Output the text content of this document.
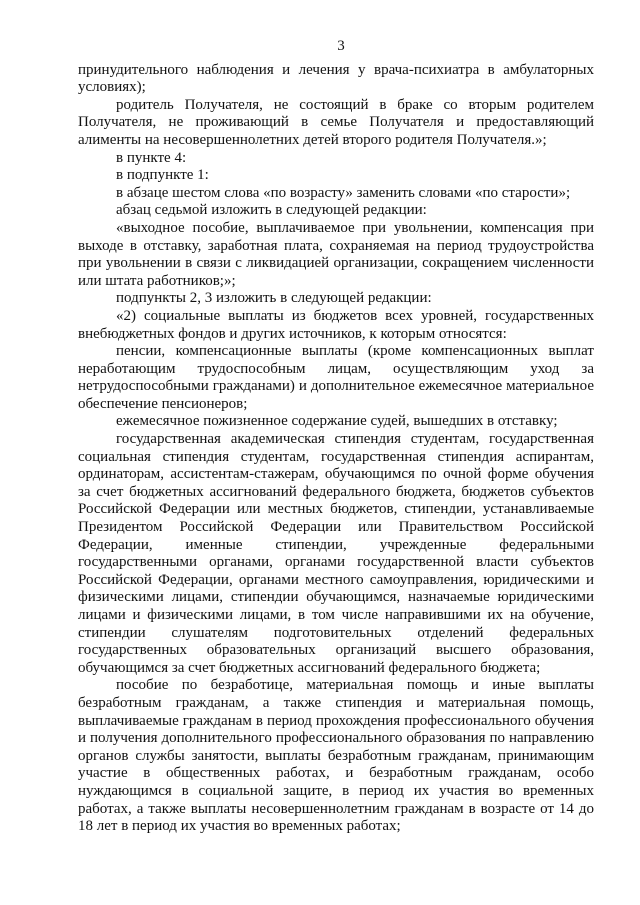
3

принудительного наблюдения и лечения у врача-психиатра в амбулаторных условиях);

родитель Получателя, не состоящий в браке со вторым родителем Получателя, не проживающий в семье Получателя и предоставляющий алименты на несовершеннолетних детей второго родителя Получателя.»;

в пункте 4:

в подпункте 1:

в абзаце шестом слова «по возрасту» заменить словами «по старости»;

абзац седьмой изложить в следующей редакции:

«выходное пособие, выплачиваемое при увольнении, компенсация при выходе в отставку, заработная плата, сохраняемая на период трудоустройства при увольнении в связи с ликвидацией организации, сокращением численности или штата работников;»;

подпункты 2, 3 изложить в следующей редакции:

«2) социальные выплаты из бюджетов всех уровней, государственных внебюджетных фондов и других источников, к которым относятся:

пенсии, компенсационные выплаты (кроме компенсационных выплат неработающим трудоспособным лицам, осуществляющим уход за нетрудоспособными гражданами) и дополнительное ежемесячное материальное обеспечение пенсионеров;

ежемесячное пожизненное содержание судей, вышедших в отставку;

государственная академическая стипендия студентам, государственная социальная стипендия студентам, государственная стипендия аспирантам, ординаторам, ассистентам-стажерам, обучающимся по очной форме обучения за счет бюджетных ассигнований федерального бюджета, бюджетов субъектов Российской Федерации или местных бюджетов, стипендии, устанавливаемые Президентом Российской Федерации или Правительством Российской Федерации, именные стипендии, учрежденные федеральными государственными органами, органами государственной власти субъектов Российской Федерации, органами местного самоуправления, юридическими и физическими лицами, стипендии обучающимся, назначаемые юридическими лицами и физическими лицами, в том числе направившими их на обучение, стипендии слушателям подготовительных отделений федеральных государственных образовательных организаций высшего образования, обучающимся за счет бюджетных ассигнований федерального бюджета;

пособие по безработице, материальная помощь и иные выплаты безработным гражданам, а также стипендия и материальная помощь, выплачиваемые гражданам в период прохождения профессионального обучения и получения дополнительного профессионального образования по направлению органов службы занятости, выплаты безработным гражданам, принимающим участие в общественных работах, и безработным гражданам, особо нуждающимся в социальной защите, в период их участия во временных работах, а также выплаты несовершеннолетним гражданам в возрасте от 14 до 18 лет в период их участия во временных работах;
